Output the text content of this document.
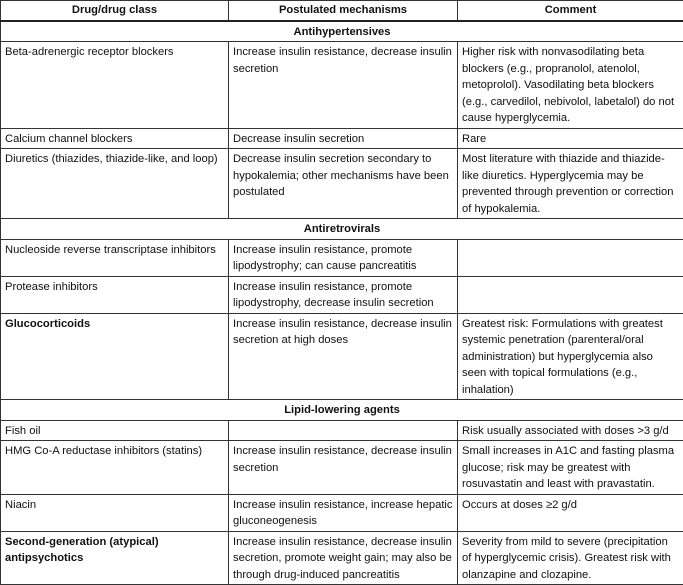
Drug/drug class	Postulated mechanisms	Comment
Antihypertensives		
Beta-adrenergic receptor blockers	Increase insulin resistance, decrease insulin secretion	Higher risk with nonvasodilating beta blockers (e.g., propranolol, atenolol, metoprolol). Vasodilating beta blockers (e.g., carvedilol, nebivolol, labetalol) do not cause hyperglycemia.
Calcium channel blockers	Decrease insulin secretion	Rare
Diuretics (thiazides, thiazide-like, and loop)	Decrease insulin secretion secondary to hypokalemia; other mechanisms have been postulated	Most literature with thiazide and thiazide-like diuretics. Hyperglycemia may be prevented through prevention or correction of hypokalemia.
Antiretrovirals		
Nucleoside reverse transcriptase inhibitors	Increase insulin resistance, promote lipodystrophy; can cause pancreatitis	
Protease inhibitors	Increase insulin resistance, promote lipodystrophy, decrease insulin secretion	
Glucocorticoids	Increase insulin resistance, decrease insulin secretion at high doses	Greatest risk: Formulations with greatest systemic penetration (parenteral/oral administration) but hyperglycemia also seen with topical formulations (e.g., inhalation)
Lipid-lowering agents		
Fish oil		Risk usually associated with doses >3 g/d
HMG Co-A reductase inhibitors (statins)	Increase insulin resistance, decrease insulin secretion	Small increases in A1C and fasting plasma glucose; risk may be greatest with rosuvastatin and least with pravastatin.
Niacin	Increase insulin resistance, increase hepatic gluconeogenesis	Occurs at doses ≥2 g/d
Second-generation (atypical) antipsychotics	Increase insulin resistance, decrease insulin secretion, promote weight gain; may also be through drug-induced pancreatitis	Severity from mild to severe (precipitation of hyperglycemic crisis). Greatest risk with olanzapine and clozapine.
